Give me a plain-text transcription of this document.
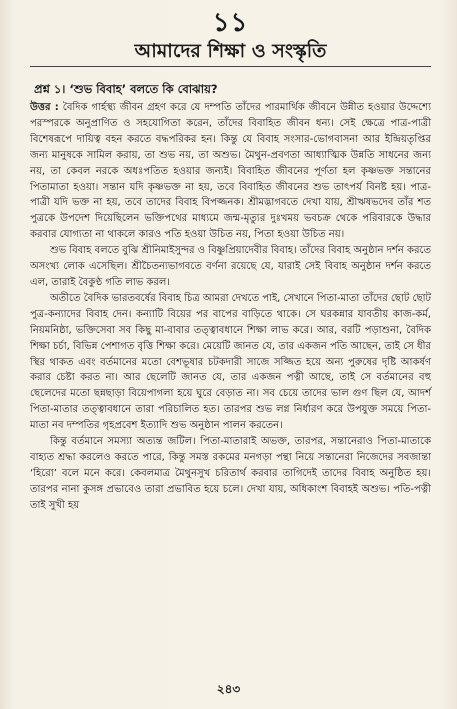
১১
আমাদের শিক্ষা ও সংস্কৃতি
প্রশ্ন ১। ‘শুভ বিবাহ’ বলতে কি বোঝায়?

উত্তর : বৈদিক গার্হস্থ্য জীবন গ্রহণ করে যে দম্পতি তাঁদের পারমার্থিক জীবনে উন্নীত হওয়ার উদ্দেশ্যে পরস্পরকে অনুপ্রাণিত ও সহযোগিতা করেন, তাঁদের বিবাহিত জীবন ধন্য। সেই ক্ষেত্রে পাত্র-পাত্রী বিশেষরূপে দায়িত্ব বহন করতে বদ্ধপরিকর হন। কিন্তু যে বিবাহ সংসার-ভোগবাসনা আর ইন্দ্রিয়তৃপ্তির জন্য মানুষকে সামিল করায়, তা শুভ নয়, তা অশুভ। মৈথুন-প্রবণতা আধ্যাত্মিক উন্নতি সাধনের জন্য নয়, তা কেবল নরকে অধঃপতিত হওয়ার জন্যই। বিবাহিত জীবনের পূর্ণতা হল কৃষ্ণভক্ত সন্তানের পিতামাতা হওয়া। সন্তান যদি কৃষ্ণভক্ত না হয়, তবে বিবাহিত জীবনের শুভ তাৎপর্য বিনষ্ট হয়। পাত্র-পাত্রী যদি ভক্ত না হয়, তবে তাদের বিবাহ বিপজ্জনক। শ্রীমদ্ভাগবতে দেখা যায়, শ্রীঋষভদেব তাঁর শত পুত্রকে উপদেশ দিয়েছিলেন ভক্তিপথের মাধ্যমে জন্ম-মৃত্যুর দুঃখময় ভবচক্র থেকে পরিবারকে উদ্ধার করবার যোগ্যতা না থাকলে কারও পতি হওয়া উচিত নয়, পিতা হওয়া উচিত নয়।

শুভ বিবাহ বলতে বুঝি শ্রীনিমাইসুন্দর ও বিষ্ণুপ্রিয়াদেবীর বিবাহ। তাঁদের বিবাহ অনুষ্ঠান দর্শন করতে অসংখ্য লোক এসেছিল। শ্রীচৈতন্যভাগবতে বর্ণনা রয়েছে যে, যারাই সেই বিবাহ অনুষ্ঠান দর্শন করতে এল, তারাই বৈকুণ্ঠ গতি লাভ করল।

অতীতে বৈদিক ভারতবর্ষের বিবাহ চিত্র আমরা দেখতে পাই, সেখানে পিতা-মাতা তাঁদের ছোট ছোট পুত্র-কন্যাদের বিবাহ দেন। কন্যাটি বিয়ের পর বাপের বাড়িতে থাকে। সে ঘরকন্নার যাবতীয় কাজ-কর্ম, নিয়মনিষ্ঠা, ভক্তিসেবা সব কিছু মা-বাবার তত্ত্বাবধানে শিক্ষা লাভ করে। আর, বরটি পড়াশুনা, বৈদিক শিক্ষা চর্চা, বিভিন্ন পেশাগত বৃত্তি শিক্ষা করে। মেয়েটি জানত যে, তার একজন পতি আছেন, তাই সে ধীর স্থির থাকত এবং বর্তমানের মতো বেশভূষার চটকদারী সাজে সজ্জিত হয়ে অন্য পুরুষের দৃষ্টি আকর্ষণ করার চেষ্টা করত না। আর ছেলেটি জানত যে, তার একজন পত্নী আছে, তাই সে বর্তমানের বহু ছেলেদের মতো ছন্নছাড়া বিয়েপাগলা হয়ে ঘুরে বেড়াত না। সব চেয়ে তাদের ভাল গুণ ছিল যে, আদর্শ পিতা-মাতার তত্ত্বাবধানে তারা পরিচালিত হত। তারপর শুভ লগ্ন নির্ধারণ করে উপযুক্ত সময়ে পিতা-মাতা নব দম্পতির গৃহপ্রবেশ ইত্যাদি শুভ অনুষ্ঠান পালন করতেন।

কিন্তু বর্তমানে সমস্যা অত্যন্ত জটিল। পিতা-মাতারাই অভক্ত, তারপর, সন্তানেরাও পিতা-মাতাকে বাহ্যত শ্রদ্ধা করলেও করতে পারে, কিন্তু সমস্ত রকমের মনগড়া পন্থা নিয়ে সন্তানেরা নিজেদের সবজান্তা ‘হিরো’ বলে মনে করে। কেবলমাত্র মৈথুনসুখ চরিতার্থ করবার তাগিদেই তাদের বিবাহ অনুষ্ঠিত হয়। তারপর নানা কুসঙ্গ প্রভাবেও তারা প্রভাবিত হয়ে চলে। দেখা যায়, অধিকাংশ বিবাহই অশুভ। পতি-পত্নী তাই সুখী হয়

২৪৩
